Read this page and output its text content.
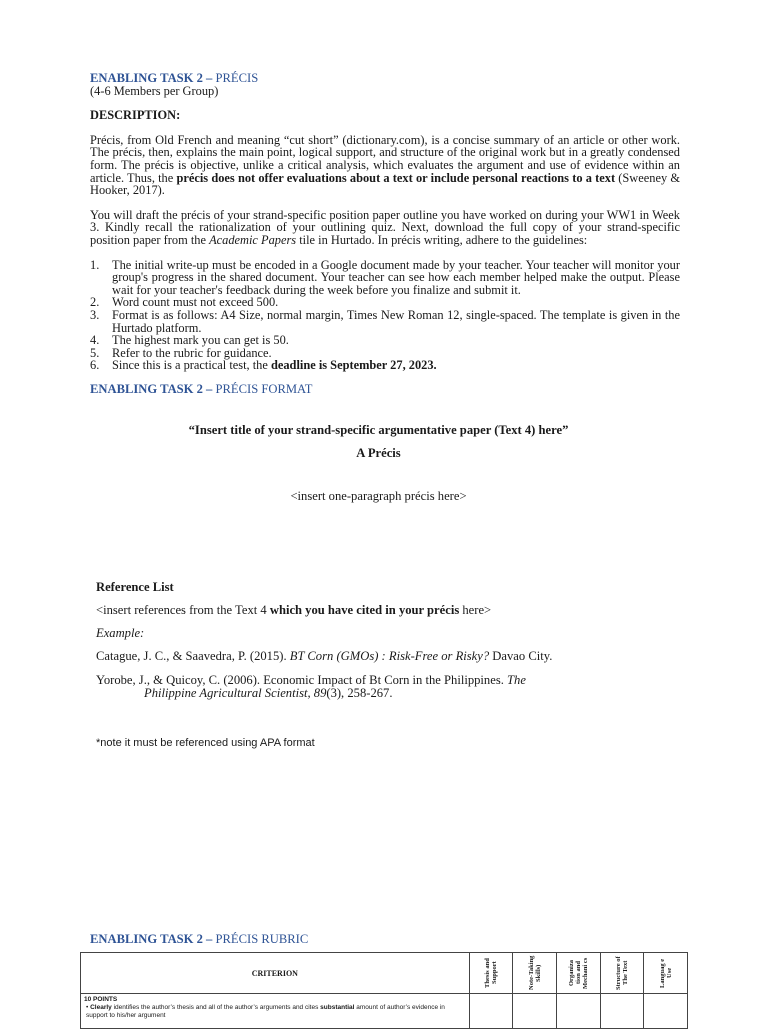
ENABLING TASK 2 – PRÉCIS

(4-6 Members per Group)

DESCRIPTION:

Précis, from Old French and meaning “cut short” (dictionary.com), is a concise summary of an article or other work. The précis, then, explains the main point, logical support, and structure of the original work but in a greatly condensed form. The précis is objective, unlike a critical analysis, which evaluates the argument and use of evidence within an article. Thus, the précis does not offer evaluations about a text or include personal reactions to a text (Sweeney & Hooker, 2017).

You will draft the précis of your strand-specific position paper outline you have worked on during your WW1 in Week 3. Kindly recall the rationalization of your outlining quiz. Next, download the full copy of your strand-specific position paper from the Academic Papers tile in Hurtado. In précis writing, adhere to the guidelines:

1.	The initial write-up must be encoded in a Google document made by your teacher. Your teacher will monitor your group's progress in the shared document. Your teacher can see how each member helped make the output. Please wait for your teacher's feedback during the week before you finalize and submit it.
2.	Word count must not exceed 500.
3.	Format is as follows: A4 Size, normal margin, Times New Roman 12, single-spaced. The template is given in the Hurtado platform.
4.	The highest mark you can get is 50.
5.	Refer to the rubric for guidance.
6.	Since this is a practical test, the deadline is September 27, 2023.

ENABLING TASK 2 – PRÉCIS FORMAT

“Insert title of your strand-specific argumentative paper (Text 4) here”
A Précis
<insert one-paragraph précis here>
Reference List
<insert references from the Text 4 which you have cited in your précis here>
Example:
Catague, J. C., & Saavedra, P. (2015). BT Corn (GMOs) : Risk-Free or Risky? Davao City.
Yorobe, J., & Quicoy, C. (2006). Economic Impact of Bt Corn in the Philippines. The
Philippine Agricultural Scientist, 89(3), 258-267.
*note it must be referenced using APA format

ENABLING TASK 2 – PRÉCIS RUBRIC

CRITERION	Thesis and Support	Note-Taking Skills)	Organiza tion and Mechani cs	Structure of The Text	Languag e Use

10 POINTS
• Clearly identifies the author’s thesis and all of the author’s arguments and cites substantial amount of author’s evidence in support to his/her argument					
